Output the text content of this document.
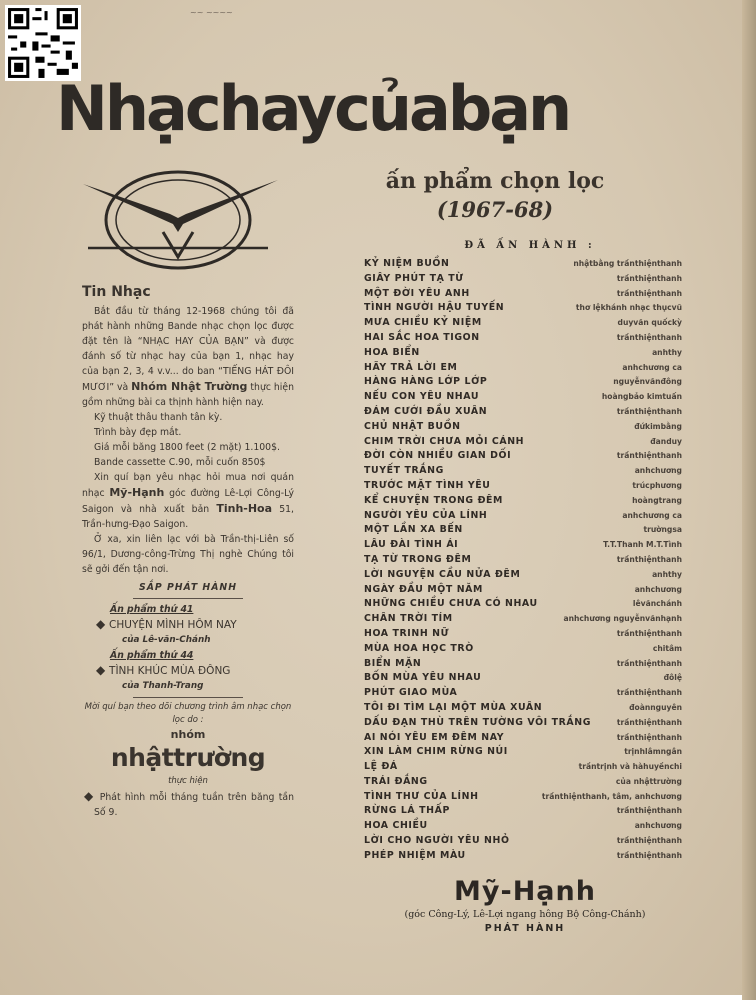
~~ ~~~~
Nhạchaycủabạn
ấn phẩm chọn lọc
(1967-68)
ĐÃ ẤN HÀNH :
KỶ NIỆM BUỒN	nhậtbằng trầnthiệnthanh
GIÂY PHÚT TẠ TỪ	trầnthiệnthanh
MỘT ĐỜI YÊU ANH	trầnthiệnthanh
TÌNH NGƯỜI HẬU TUYẾN	thơ lệkhánh nhạc thụcvũ
MƯA CHIỀU KỶ NIỆM	duyvăn quốckỳ
HAI SẮC HOA TIGON	trầnthiệnthanh
HOA BIỂN	anhthy
HÃY TRẢ LỜI EM	anhchương ca
HÀNG HÀNG LỚP LỚP	nguyễnvănđông
NẾU CON YÊU NHAU	hoàngbảo kimtuấn
ĐÁM CƯỚI ĐẦU XUÂN	trầnthiệnthanh
CHỦ NHẬT BUỒN	đứkimbằng
CHIM TRỜI CHƯA MỎI CÁNH	đanduy
ĐỜI CÒN NHIỀU GIAN DỐI	trầnthiệnthanh
TUYẾT TRẮNG	anhchương
TRƯỚC MẶT TÌNH YÊU	trúcphương
KỂ CHUYỆN TRONG ĐÊM	hoàngtrang
NGƯỜI YÊU CỦA LÍNH	anhchương ca
MỘT LẦN XA BẾN	trườngsa
LÂU ĐÀI TÌNH ÁI	T.T.Thanh M.T.Tình
TẠ TỪ TRONG ĐÊM	trầnthiệnthanh
LỜI NGUYỆN CẦU NỬA ĐÊM	anhthy
NGÀY ĐẦU MỘT NĂM	anhchương
NHỮNG CHIỀU CHƯA CÓ NHAU	lêvănchánh
CHÂN TRỜI TÍM	anhchương nguyễnvănhạnh
HOA TRINH NỮ	trầnthiệnthanh
MÙA HOA HỌC TRÒ	chitâm
BIỂN MẶN	trầnthiệnthanh
BỐN MÙA YÊU NHAU	đôlệ
PHÚT GIAO MÙA	trầnthiệnthanh
TÔI ĐI TÌM LẠI MỘT MÙA XUÂN	đoànnguyên
DẤU ĐẠN THÙ TRÊN TƯỜNG VÔI TRẮNG	trầnthiệnthanh
AI NÓI YÊU EM ĐÊM NAY	trầnthiệnthanh
XIN LÀM CHIM RỪNG NÚI	trịnhlâmngân
LỆ ĐÁ	trầntrịnh và hàhuyềnchi
TRÁI ĐẮNG	của nhậttrường
TÌNH THƯ CỦA LÍNH	trầnthiệnthanh, tâm, anhchương
RỪNG LÁ THẤP	trầnthiệnthanh
HOA CHIỀU	anhchương
LỜI CHO NGƯỜI YÊU NHỎ	trầnthiệnthanh
PHÉP NHIỆM MÀU	trầnthiệnthanh

Tin Nhạc

Bắt đầu từ tháng 12-1968 chúng tôi đã phát hành những Bande nhạc chọn lọc được đặt tên là “NHẠC HAY CỦA BẠN” và được đánh số từ nhạc hay của bạn 1, nhạc hay của bạn 2, 3, 4 v.v... do ban “TIẾNG HÁT ĐÔI MƯƠI” và Nhóm Nhật Trường thực hiện gồm những bài ca thịnh hành hiện nay.

Kỹ thuật thâu thanh tân kỳ.

Trình bày đẹp mắt.

Giá mỗi băng 1800 feet (2 mặt) 1.100$.

Bande cassette C.90, mỗi cuốn 850$

Xin quí bạn yêu nhạc hỏi mua nơi quán nhạc Mỹ-Hạnh góc đường Lê-Lợi Công-Lý Saigon và nhà xuất bản Tinh-Hoa 51, Trần-hưng-Đạo Saigon.

Ở xa, xin liên lạc với bà Trần-thị-Liên số 96/1, Dương-công-Trừng Thị nghè Chúng tôi sẽ gởi đến tận nơi.

SẮP PHÁT HÀNH

Ấn phẩm thứ 41

◆ CHUYỆN MÌNH HÔM NAY

của Lê-văn-Chánh

Ấn phẩm thứ 44

◆ TÌNH KHÚC MÙA ĐÔNG

của Thanh-Trang

Mời quí bạn theo dõi chương trình âm nhạc chọn lọc do :

nhóm

nhậttrường

thực hiện

◆ Phát hình mỗi tháng tuần trên băng tần Số 9.

Mỹ-Hạnh
(góc Công-Lý, Lê-Lợi ngang hông Bộ Công-Chánh)
PHÁT HÀNH
